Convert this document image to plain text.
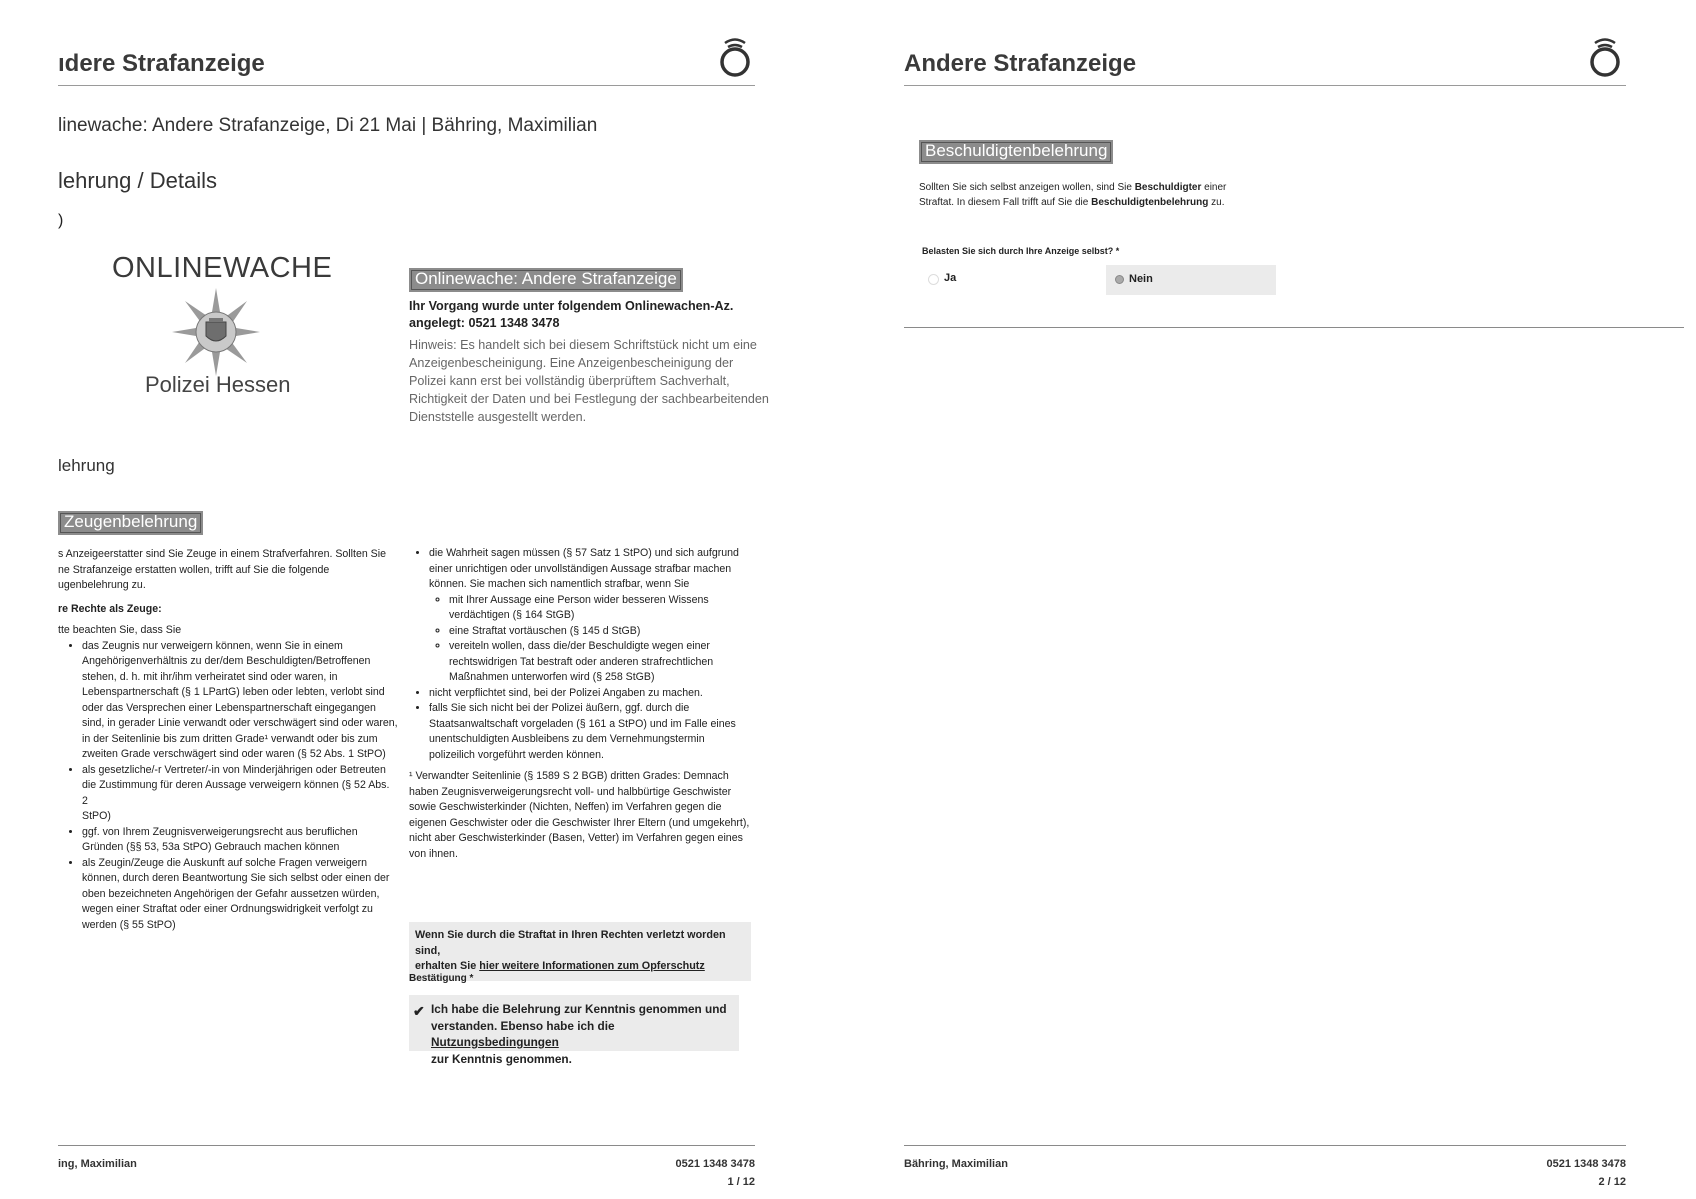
ıdere Strafanzeige
linewache: Andere Strafanzeige, Di 21 Mai | Bähring, Maximilian
lehrung / Details
)
ONLINEWACHE
Polizei Hessen
Onlinewache: Andere Strafanzeige
Ihr Vorgang wurde unter folgendem Onlinewachen-Az.
angelegt: 0521 1348 3478
Hinweis: Es handelt sich bei diesem Schriftstück nicht um eine
Anzeigenbescheinigung. Eine Anzeigenbescheinigung der
Polizei kann erst bei vollständig überprüftem Sachverhalt,
Richtigkeit der Daten und bei Festlegung der sachbearbeitenden
Dienststelle ausgestellt werden.
lehrung
Zeugenbelehrung
s Anzeigeerstatter sind Sie Zeuge in einem Strafverfahren. Sollten Sie
ne Strafanzeige erstatten wollen, trifft auf Sie die folgende
ugenbelehrung zu.
re Rechte als Zeuge:
tte beachten Sie, dass Sie
• das Zeugnis nur verweigern können, wenn Sie in einem
Angehörigenverhältnis zu der/dem Beschuldigten/Betroffenen
stehen, d. h. mit ihr/ihm verheiratet sind oder waren, in
Lebenspartnerschaft (§ 1 LPartG) leben oder lebten, verlobt sind
oder das Versprechen einer Lebenspartnerschaft eingegangen
sind, in gerader Linie verwandt oder verschwägert sind oder waren,
in der Seitenlinie bis zum dritten Grade¹ verwandt oder bis zum
zweiten Grade verschwägert sind oder waren (§ 52 Abs. 1 StPO)
• als gesetzliche/-r Vertreter/-in von Minderjährigen oder Betreuten
die Zustimmung für deren Aussage verweigern können (§ 52 Abs. 2
StPO)
• ggf. von Ihrem Zeugnisverweigerungsrecht aus beruflichen
Gründen (§§ 53, 53a StPO) Gebrauch machen können
• als Zeugin/Zeuge die Auskunft auf solche Fragen verweigern
können, durch deren Beantwortung Sie sich selbst oder einen der
oben bezeichneten Angehörigen der Gefahr aussetzen würden,
wegen einer Straftat oder einer Ordnungswidrigkeit verfolgt zu
werden (§ 55 StPO)
• die Wahrheit sagen müssen (§ 57 Satz 1 StPO) und sich aufgrund
einer unrichtigen oder unvollständigen Aussage strafbar machen
können. Sie machen sich namentlich strafbar, wenn Sie
◦ mit Ihrer Aussage eine Person wider besseren Wissens
verdächtigen (§ 164 StGB)
◦ eine Straftat vortäuschen (§ 145 d StGB)
◦ vereiteln wollen, dass die/der Beschuldigte wegen einer
rechtswidrigen Tat bestraft oder anderen strafrechtlichen
Maßnahmen unterworfen wird (§ 258 StGB)
• nicht verpflichtet sind, bei der Polizei Angaben zu machen.
• falls Sie sich nicht bei der Polizei äußern, ggf. durch die
Staatsanwaltschaft vorgeladen (§ 161 a StPO) und im Falle eines
unentschuldigten Ausbleibens zu dem Vernehmungstermin
polizeilich vorgeführt werden können.
¹ Verwandter Seitenlinie (§ 1589 S 2 BGB) dritten Grades: Demnach
haben Zeugnisverweigerungsrecht voll- und halbbürtige Geschwister
sowie Geschwisterkinder (Nichten, Neffen) im Verfahren gegen die
eigenen Geschwister oder die Geschwister Ihrer Eltern (und umgekehrt),
nicht aber Geschwisterkinder (Basen, Vetter) im Verfahren gegen eines
von ihnen.
Wenn Sie durch die Straftat in Ihren Rechten verletzt worden sind,
erhalten Sie hier weitere Informationen zum Opferschutz
Bestätigung *
✔ Ich habe die Belehrung zur Kenntnis genommen und
verstanden. Ebenso habe ich die Nutzungsbedingungen
zur Kenntnis genommen.
ing, Maximilian	0521 1348 3478
1 / 12
Andere Strafanzeige
Beschuldigtenbelehrung
Sollten Sie sich selbst anzeigen wollen, sind Sie Beschuldigter einer
Straftat. In diesem Fall trifft auf Sie die Beschuldigtenbelehrung zu.
Belasten Sie sich durch Ihre Anzeige selbst? *
Ja	Nein
Bähring, Maximilian	0521 1348 3478
2 / 12
